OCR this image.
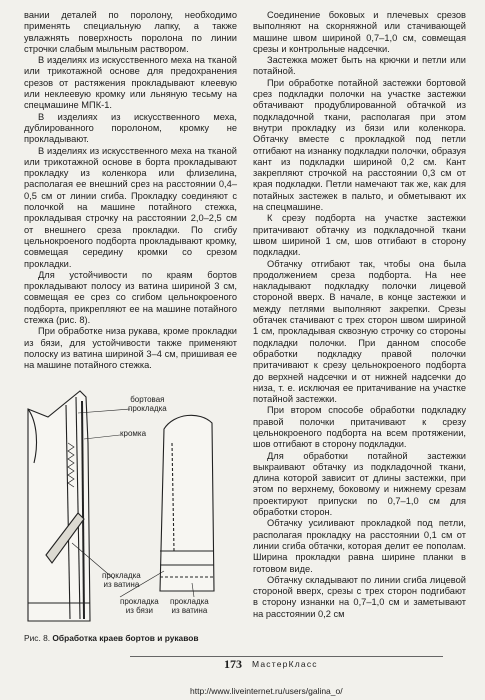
вании деталей по поролону, необходимо применять специальную лапку, а также увлажнять поверхность поролона по линии строчки слабым мыльным раствором.

В изделиях из искусственного меха на тканой или трикотажной основе для предохранения срезов от растяжения прокладывают клеевую или неклеевую кромку или льняную тесьму на спецмашине МПК-1.

В изделиях из искусственного меха, дублированного поролоном, кромку не прокладывают.

В изделиях из искусственного меха на тканой или трикотажной основе в борта прокладывают прокладку из коленкора или флизелина, располагая ее внешний срез на расстоянии 0,4–0,5 см от линии сгиба. Прокладку соединяют с полочкой на машине потайного стежка, прокладывая строчку на расстоянии 2,0–2,5 см от внешнего среза прокладки. По сгибу цельнокроеного подборта прокладывают кромку, совмещая середину кромки со срезом прокладки.

Для устойчивости по краям бортов прокладывают полосу из ватина шириной 3 см, совмещая ее срез со сгибом цельнокроеного подборта, прикрепляют ее на машине потайного стежка (рис. 8).

При обработке низа рукава, кроме прокладки из бязи, для устойчивости также применяют полоску из ватина шириной 3–4 см, пришивая ее на машине потайного стежка.

бортовая
прокладка
кромка
прокладка
из ватина
прокладка
из бязи
прокладка
из ватина
Рис. 8. Обработка краев бортов и рукавов

Соединение боковых и плечевых срезов выполняют на скорняжной или стачивающей машине швом шириной 0,7–1,0 см, совмещая срезы и контрольные надсечки.

Застежка может быть на крючки и петли или потайной.

При обработке потайной застежки бортовой срез подкладки полочки на участке застежки обтачивают продублированной обтачкой из подкладочной ткани, располагая при этом внутри прокладку из бязи или коленкора. Обтачку вместе с прокладкой под петли отгибают на изнанку подкладки полочки, образуя кант из подкладки шириной 0,2 см. Кант закрепляют строчкой на расстоянии 0,3 см от края подкладки. Петли намечают так же, как для потайных застежек в пальто, и обметывают их на спецмашине.

К срезу подборта на участке застежки притачивают обтачку из подкладочной ткани швом шириной 1 см, шов отгибают в сторону подкладки.

Обтачку отгибают так, чтобы она была продолжением среза подборта. На нее накладывают подкладку полочки лицевой стороной вверх. В начале, в конце застежки и между петлями выполняют закрепки. Срезы обтачек стачивают с трех сторон швом шириной 1 см, прокладывая сквозную строчку со стороны подкладки полочки. При данном способе обработки подкладку правой полочки притачивают к срезу цельнокроеного подборта до верхней надсечки и от нижней надсечки до низа, т. е. исключая ее притачивание на участке потайной застежки.

При втором способе обработки подкладку правой полочки притачивают к срезу цельнокроеного подборта на всем протяжении, шов отгибают в сторону подкладки.

Для обработки потайной застежки выкраивают обтачку из подкладочной ткани, длина которой зависит от длины застежки, при этом по верхнему, боковому и нижнему срезам проектируют припуски по 0,7–1,0 см для обработки сторон.

Обтачку усиливают прокладкой под петли, располагая прокладку на расстоянии 0,1 см от линии сгиба обтачки, которая делит ее пополам. Ширина прокладки равна ширине планки в готовом виде.

Обтачку складывают по линии сгиба лицевой стороной вверх, срезы с трех сторон подгибают в сторону изнанки на 0,7–1,0 см и заметывают на расстоянии 0,2 см

173 МастерКласс
http://www.liveinternet.ru/users/galina_o/
